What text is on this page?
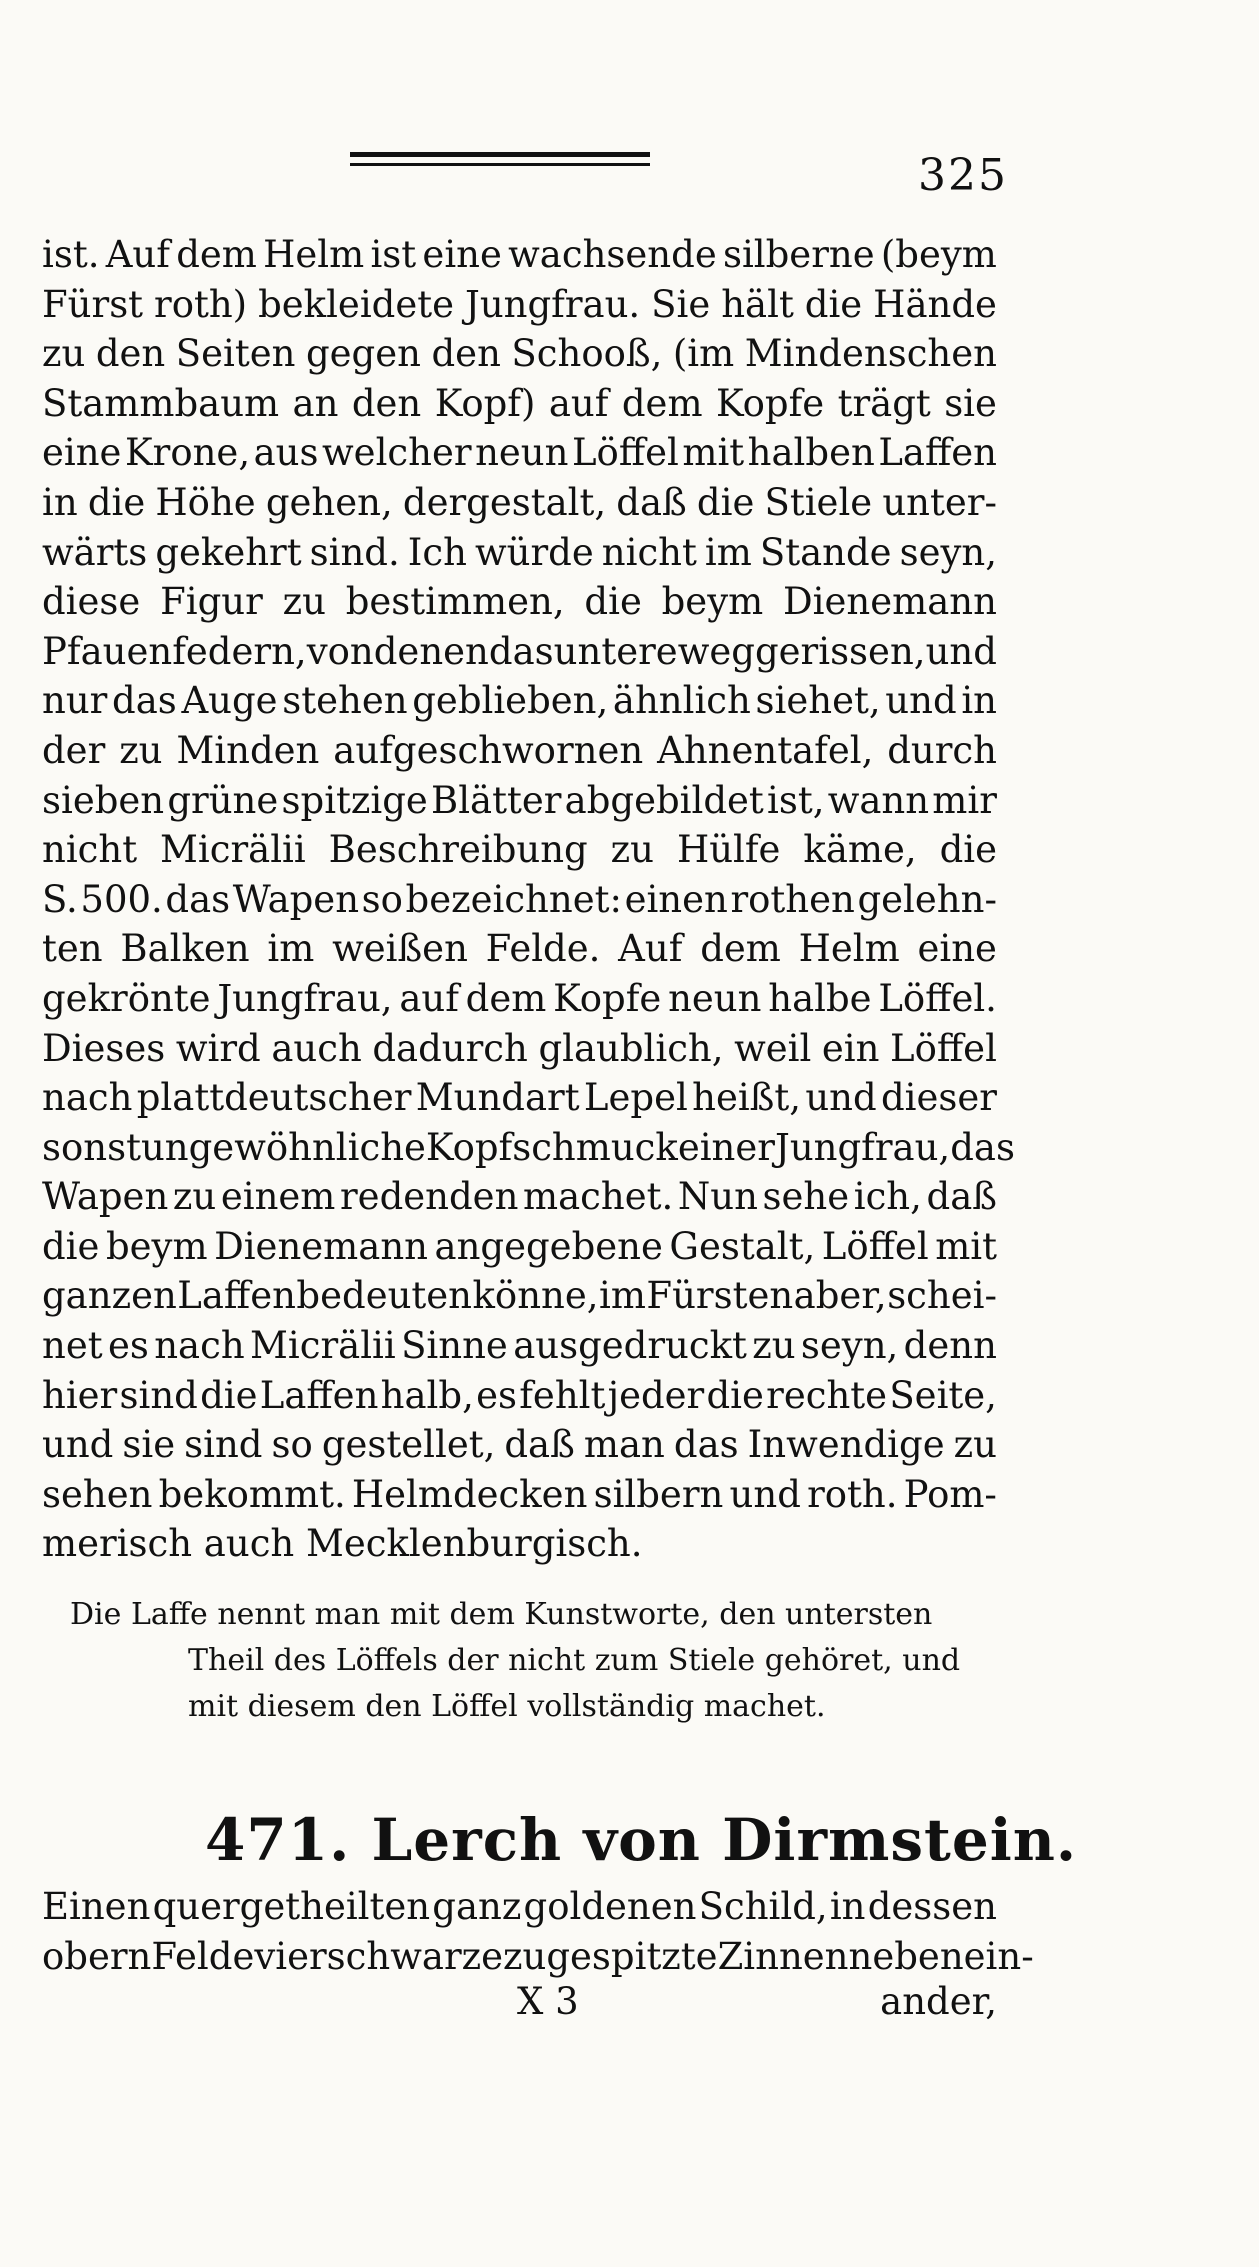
325
ist. Auf dem Helm ist eine wachsende silberne (beym
Fürst roth) bekleidete Jungfrau. Sie hält die Hände
zu den Seiten gegen den Schooß, (im Mindenschen
Stammbaum an den Kopf) auf dem Kopfe trägt sie
eine Krone, aus welcher neun Löffel mit halben Laffen
in die Höhe gehen, dergestalt, daß die Stiele unter-
wärts gekehrt sind. Ich würde nicht im Stande seyn,
diese Figur zu bestimmen, die beym Dienemann
Pfauenfedern, von denen das untere weggerissen, und
nur das Auge stehen geblieben, ähnlich siehet, und in
der zu Minden aufgeschwornen Ahnentafel, durch
sieben grüne spitzige Blätter abgebildet ist, wann mir
nicht Micrälii Beschreibung zu Hülfe käme, die
S. 500. das Wapen so bezeichnet: einen rothen gelehn-
ten Balken im weißen Felde. Auf dem Helm eine
gekrönte Jungfrau, auf dem Kopfe neun halbe Löffel.
Dieses wird auch dadurch glaublich, weil ein Löffel
nach plattdeutscher Mundart Lepel heißt, und dieser
sonst ungewöhnliche Kopfschmuck einer Jungfrau, das
Wapen zu einem redenden machet. Nun sehe ich, daß
die beym Dienemann angegebene Gestalt, Löffel mit
ganzen Laffen bedeuten könne, im Fürsten aber, schei-
net es nach Micrälii Sinne ausgedruckt zu seyn, denn
hier sind die Laffen halb, es fehlt jeder die rechte Seite,
und sie sind so gestellet, daß man das Inwendige zu
sehen bekommt. Helmdecken silbern und roth. Pom-
merisch auch Mecklenburgisch.
Die Laffe nennt man mit dem Kunstworte, den untersten
Theil des Löffels der nicht zum Stiele gehöret, und
mit diesem den Löffel vollständig machet.
471. Lerch von Dirmstein.
Einen quergetheilten ganz goldenen Schild, in dessen
obern Felde vier schwarze zugespitzte Zinnen neben ein-
X 3	ander,
